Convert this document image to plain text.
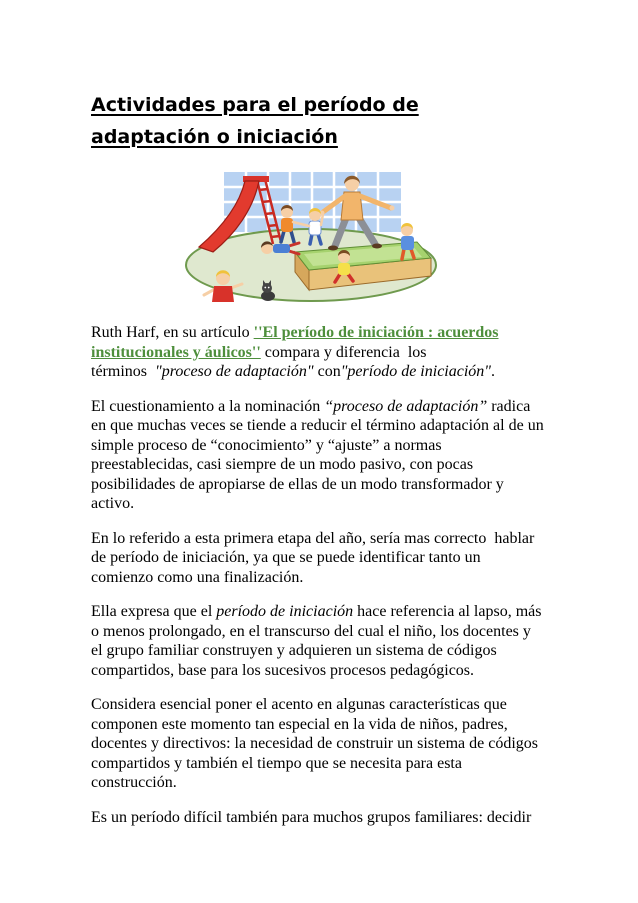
Actividades para el período de
adaptación o iniciación

Ruth Harf, en su artículo ''El período de iniciación : acuerdos
institucionales y áulicos'' compara y diferencia  los
términos  "proceso de adaptación" con"período de iniciación".

El cuestionamiento a la nominación “proceso de adaptación” radica
en que muchas veces se tiende a reducir el término adaptación al de un
simple proceso de “conocimiento” y “ajuste” a normas
preestablecidas, casi siempre de un modo pasivo, con pocas
posibilidades de apropiarse de ellas de un modo transformador y
activo.

En lo referido a esta primera etapa del año, sería mas correcto  hablar
de período de iniciación, ya que se puede identificar tanto un
comienzo como una finalización.

Ella expresa que el período de iniciación hace referencia al lapso, más
o menos prolongado, en el transcurso del cual el niño, los docentes y
el grupo familiar construyen y adquieren un sistema de códigos
compartidos, base para los sucesivos procesos pedagógicos.

Considera esencial poner el acento en algunas características que
componen este momento tan especial en la vida de niños, padres,
docentes y directivos: la necesidad de construir un sistema de códigos
compartidos y también el tiempo que se necesita para esta
construcción.

Es un período difícil también para muchos grupos familiares: decidir
